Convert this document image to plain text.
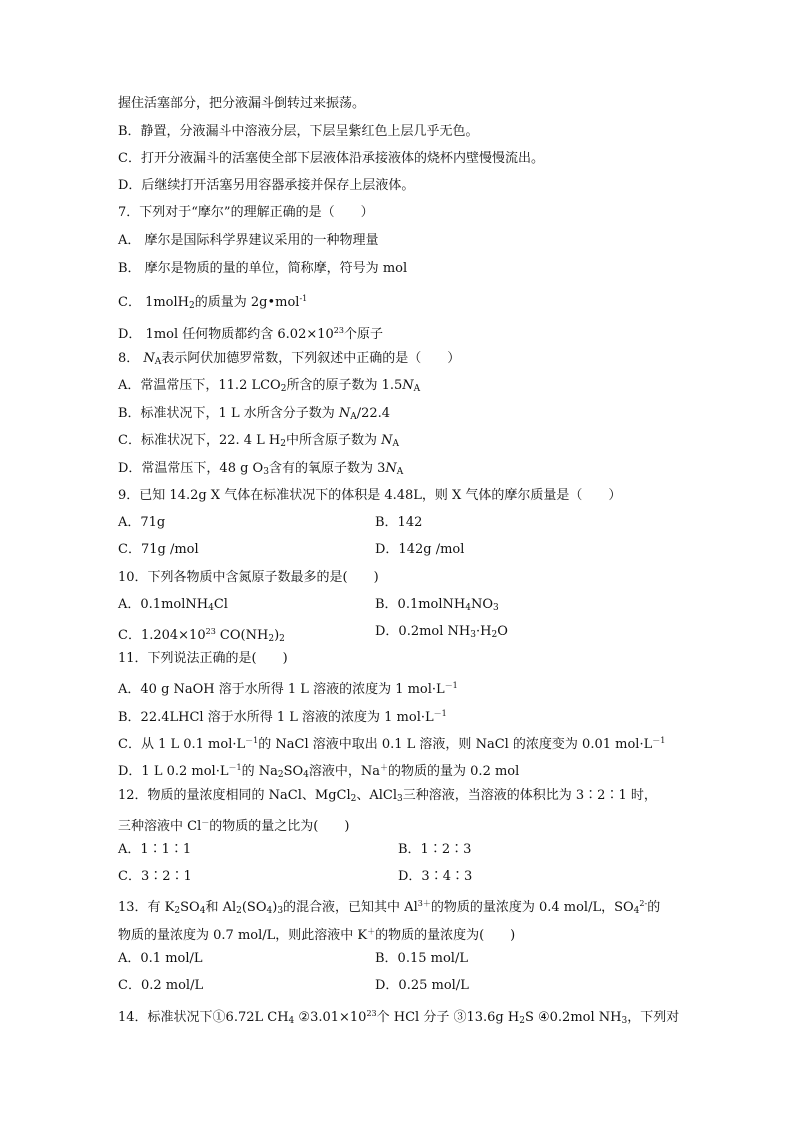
握住活塞部分，把分液漏斗倒转过来振荡。
B．静置，分液漏斗中溶液分层，下层呈紫红色上层几乎无色。
C．打开分液漏斗的活塞使全部下层液体沿承接液体的烧杯内壁慢慢流出。
D．后继续打开活塞另用容器承接并保存上层液体。
7．下列对于“摩尔”的理解正确的是（　　）
A． 摩尔是国际科学界建议采用的一种物理量
B． 摩尔是物质的量的单位，简称摩，符号为 mol
C． 1molH$_2$的质量为 2g•mol$^{-1}$
D． 1mol 任何物质都约含 $6.02\times 10^{23}$个原子
8． $N_A$表示阿伏加德罗常数，下列叙述中正确的是（　　）
A．常温常压下，11.2 $LCO_2$所含的原子数为 $1.5N_A$
B．标准状况下，1 L 水所含分子数为 $N_A/22.4$
C．标准状况下，22. 4 L $H_2$中所含原子数为 $N_A$
D．常温常压下，48 g $O_3$含有的氧原子数为 $3N_A$
9．已知 14.2g X 气体在标准状况下的体积是 4.48L，则 X 气体的摩尔质量是（　　）
A．71g	B．142
C．71g /mol	D．142g /mol
10．下列各物质中含氮原子数最多的是(　　)
A．0.1molNH$_4$Cl	B．$0.1molNH_4NO_3$
C．$1.204\times 10^{23}$ $CO(NH_2)_2$	D．0.2mol $NH_3\cdot H_2O$
11．下列说法正确的是(　　)
A．40 g NaOH 溶于水所得 1 L 溶液的浓度为 1 $mol\cdot L^{-1}$
B．22.4LHCl 溶于水所得 1 L 溶液的浓度为 1 $mol\cdot L^{-1}$
C．从 1 L 0.1 $mol\cdot L^{-1}$的 NaCl 溶液中取出 0.1 L 溶液，则 NaCl 的浓度变为 0.01 $mol\cdot L^{-1}$
D．1 L 0.2 $mol\cdot L^{-1}$的 $Na_2SO_4$溶液中，Na＋的物质的量为 0.2 mol
12．物质的量浓度相同的 NaCl、MgCl$_2$、AlCl$_3$三种溶液，当溶液的体积比为 3∶2∶1 时，
三种溶液中 Cl－的物质的量之比为(　　)
A．1∶1∶1	B．1∶2∶3
C．3∶2∶1	D．3∶4∶3
13．有 $K_2SO_4$和 $Al_2(SO_4)_3$的混合液，已知其中 $Al^{3+}$的物质的量浓度为 0.4 mol/L，$SO_4^{2-}$的
物质的量浓度为 0.7 mol/L，则此溶液中 K＋的物质的量浓度为(　　)
A．0.1 mol/L	B．0.15 mol/L
C．0.2 mol/L	D．0.25 mol/L
14．标准状况下①6.72L $CH_4$ $②3.01\times 10^{23}$个 HCl 分子 ③13.6g $H_2S$ ④0.2mol $NH_3$，下列对
